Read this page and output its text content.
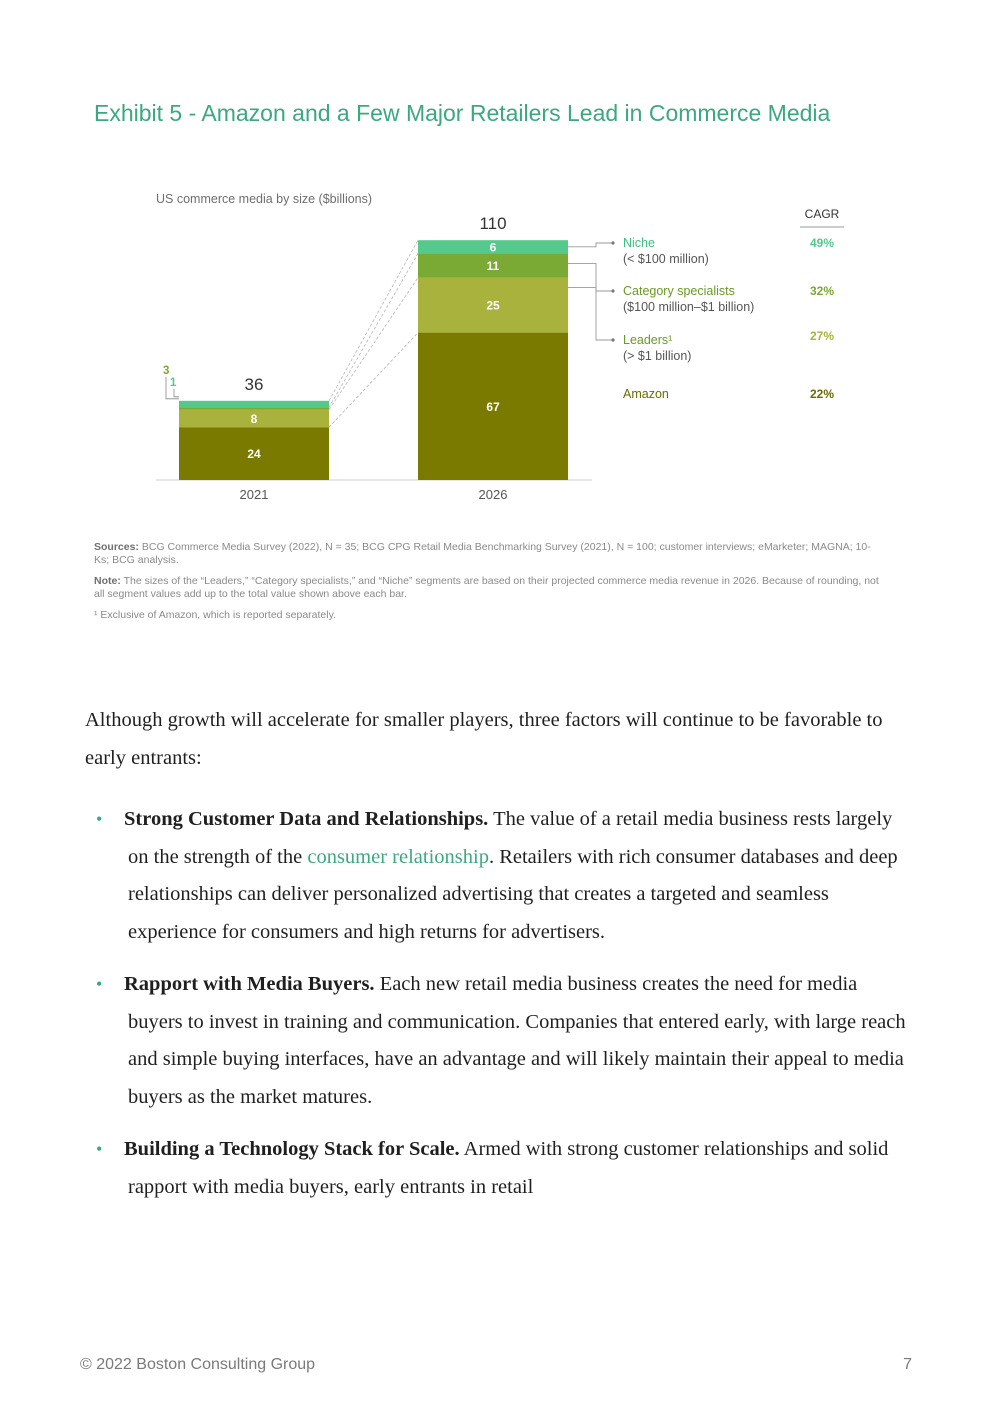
Exhibit 5 - Amazon and a Few Major Retailers Lead in Commerce Media
US commerce media by size ($billions)
24
8
36
2021
67
25
11
6
110
2026
3
1
CAGR
Niche
(< $100 million)
49%
Category specialists
($100 million–$1 billion)
32%
Leaders¹
(> $1 billion)
27%
Amazon	22%

Sources: BCG Commerce Media Survey (2022), N = 35; BCG CPG Retail Media Benchmarking Survey (2021), N = 100; customer interviews; eMarketer; MAGNA; 10-Ks; BCG analysis.

Note: The sizes of the “Leaders,” “Category specialists,” and “Niche” segments are based on their projected commerce media revenue in 2026. Because of rounding, not all segment values add up to the total value shown above each bar.

¹ Exclusive of Amazon, which is reported separately.

Although growth will accelerate for smaller players, three factors will continue to be favorable to early entrants:

• Strong Customer Data and Relationships. The value of a retail media business rests largely on the strength of the consumer relationship. Retailers with rich consumer databases and deep relationships can deliver personalized advertising that creates a targeted and seamless experience for consumers and high returns for advertisers.
• Rapport with Media Buyers. Each new retail media business creates the need for media buyers to invest in training and communication. Companies that entered early, with large reach and simple buying interfaces, have an advantage and will likely maintain their appeal to media buyers as the market matures.
• Building a Technology Stack for Scale. Armed with strong customer relationships and solid rapport with media buyers, early entrants in retail
© 2022 Boston Consulting Group	7
